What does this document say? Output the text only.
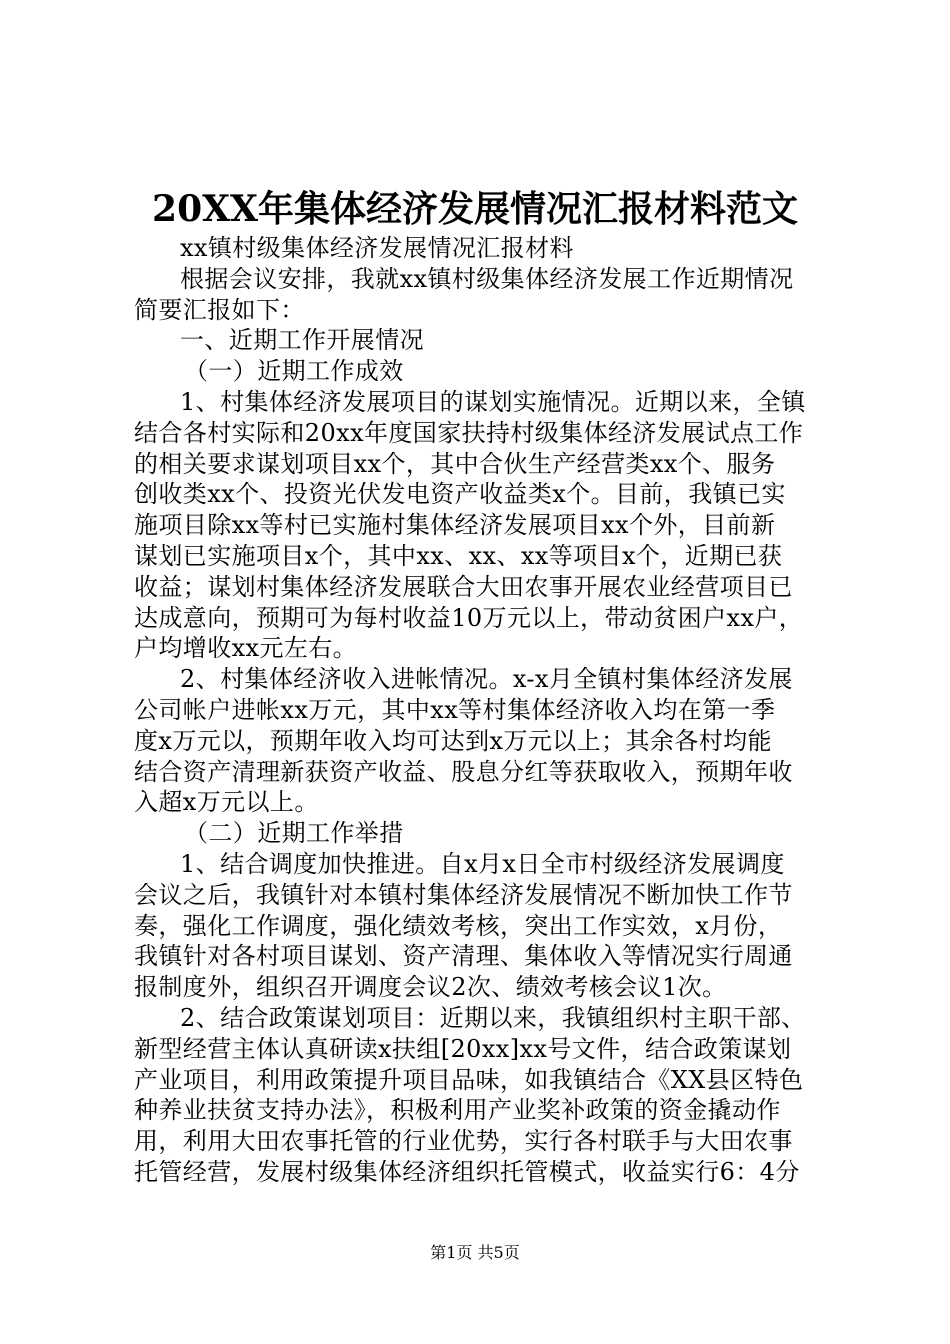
20XX年集体经济发展情况汇报材料范文
xx镇村级集体经济发展情况汇报材料
根据会议安排，我就xx镇村级集体经济发展工作近期情况
简要汇报如下：
一、近期工作开展情况
（一）近期工作成效
1、村集体经济发展项目的谋划实施情况。近期以来，全镇
结合各村实际和20xx年度国家扶持村级集体经济发展试点工作
的相关要求谋划项目xx个，其中合伙生产经营类xx个、服务
创收类xx个、投资光伏发电资产收益类x个。目前，我镇已实
施项目除xx等村已实施村集体经济发展项目xx个外，目前新
谋划已实施项目x个，其中xx、xx、xx等项目x个，近期已获
收益；谋划村集体经济发展联合大田农事开展农业经营项目已
达成意向，预期可为每村收益10万元以上，带动贫困户xx户，
户均增收xx元左右。
2、村集体经济收入进帐情况。x-x月全镇村集体经济发展
公司帐户进帐xx万元，其中xx等村集体经济收入均在第一季
度x万元以，预期年收入均可达到x万元以上；其余各村均能
结合资产清理新获资产收益、股息分红等获取收入，预期年收
入超x万元以上。
（二）近期工作举措
1、结合调度加快推进。自x月x日全市村级经济发展调度
会议之后，我镇针对本镇村集体经济发展情况不断加快工作节
奏，强化工作调度，强化绩效考核，突出工作实效，x月份，
我镇针对各村项目谋划、资产清理、集体收入等情况实行周通
报制度外，组织召开调度会议2次、绩效考核会议1次。
2、结合政策谋划项目：近期以来，我镇组织村主职干部、
新型经营主体认真研读x扶组[20xx]xx号文件，结合政策谋划
产业项目，利用政策提升项目品味，如我镇结合《XX县区特色
种养业扶贫支持办法》，积极利用产业奖补政策的资金撬动作
用，利用大田农事托管的行业优势，实行各村联手与大田农事
托管经营，发展村级集体经济组织托管模式，收益实行6：4分
第1页 共5页
